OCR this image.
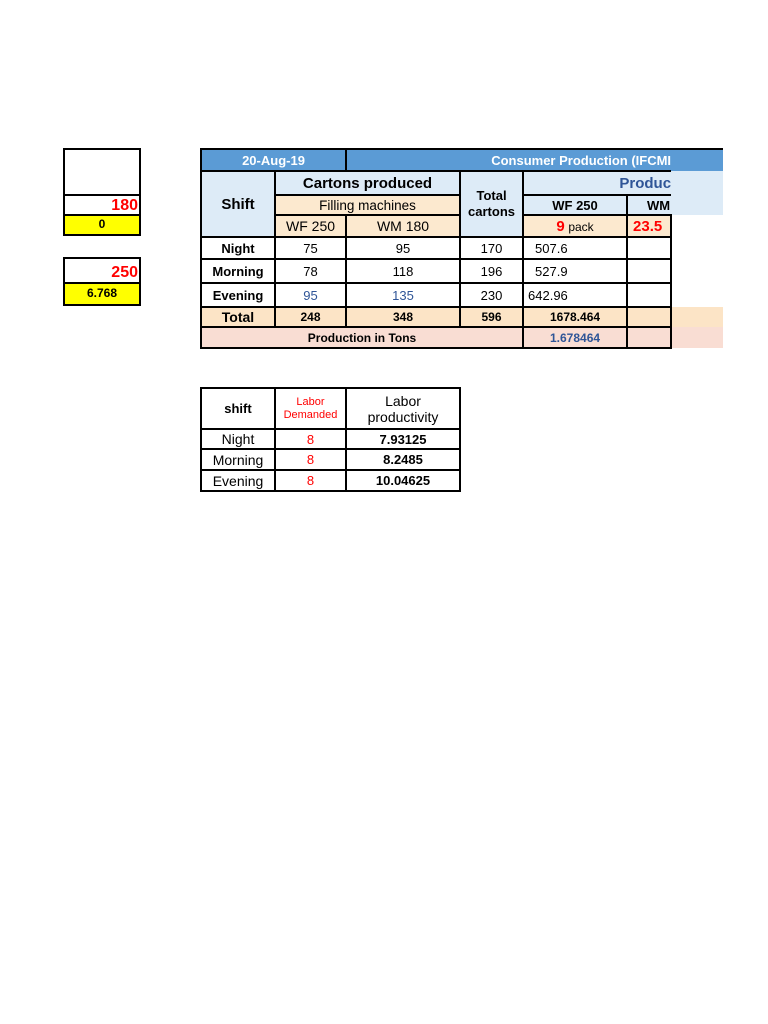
180
0
250
6.768
20-Aug-19		Consumer Production (IFCMI				
Shift	Cartons produced		Total cartons	Produc		
	Filling machines			WF 250	WM	
	WF 250	WM 180		9 pack	23.5	
Night	75	95	170	507.6		
Morning	78	118	196	527.9		
Evening	95	135	230	642.96		
Total	248	348	596	1678.464		
Production in Tons				1.678464		
shift	Labor Demanded	Labor productivity
Night	8	7.93125
Morning	8	8.2485
Evening	8	10.04625
